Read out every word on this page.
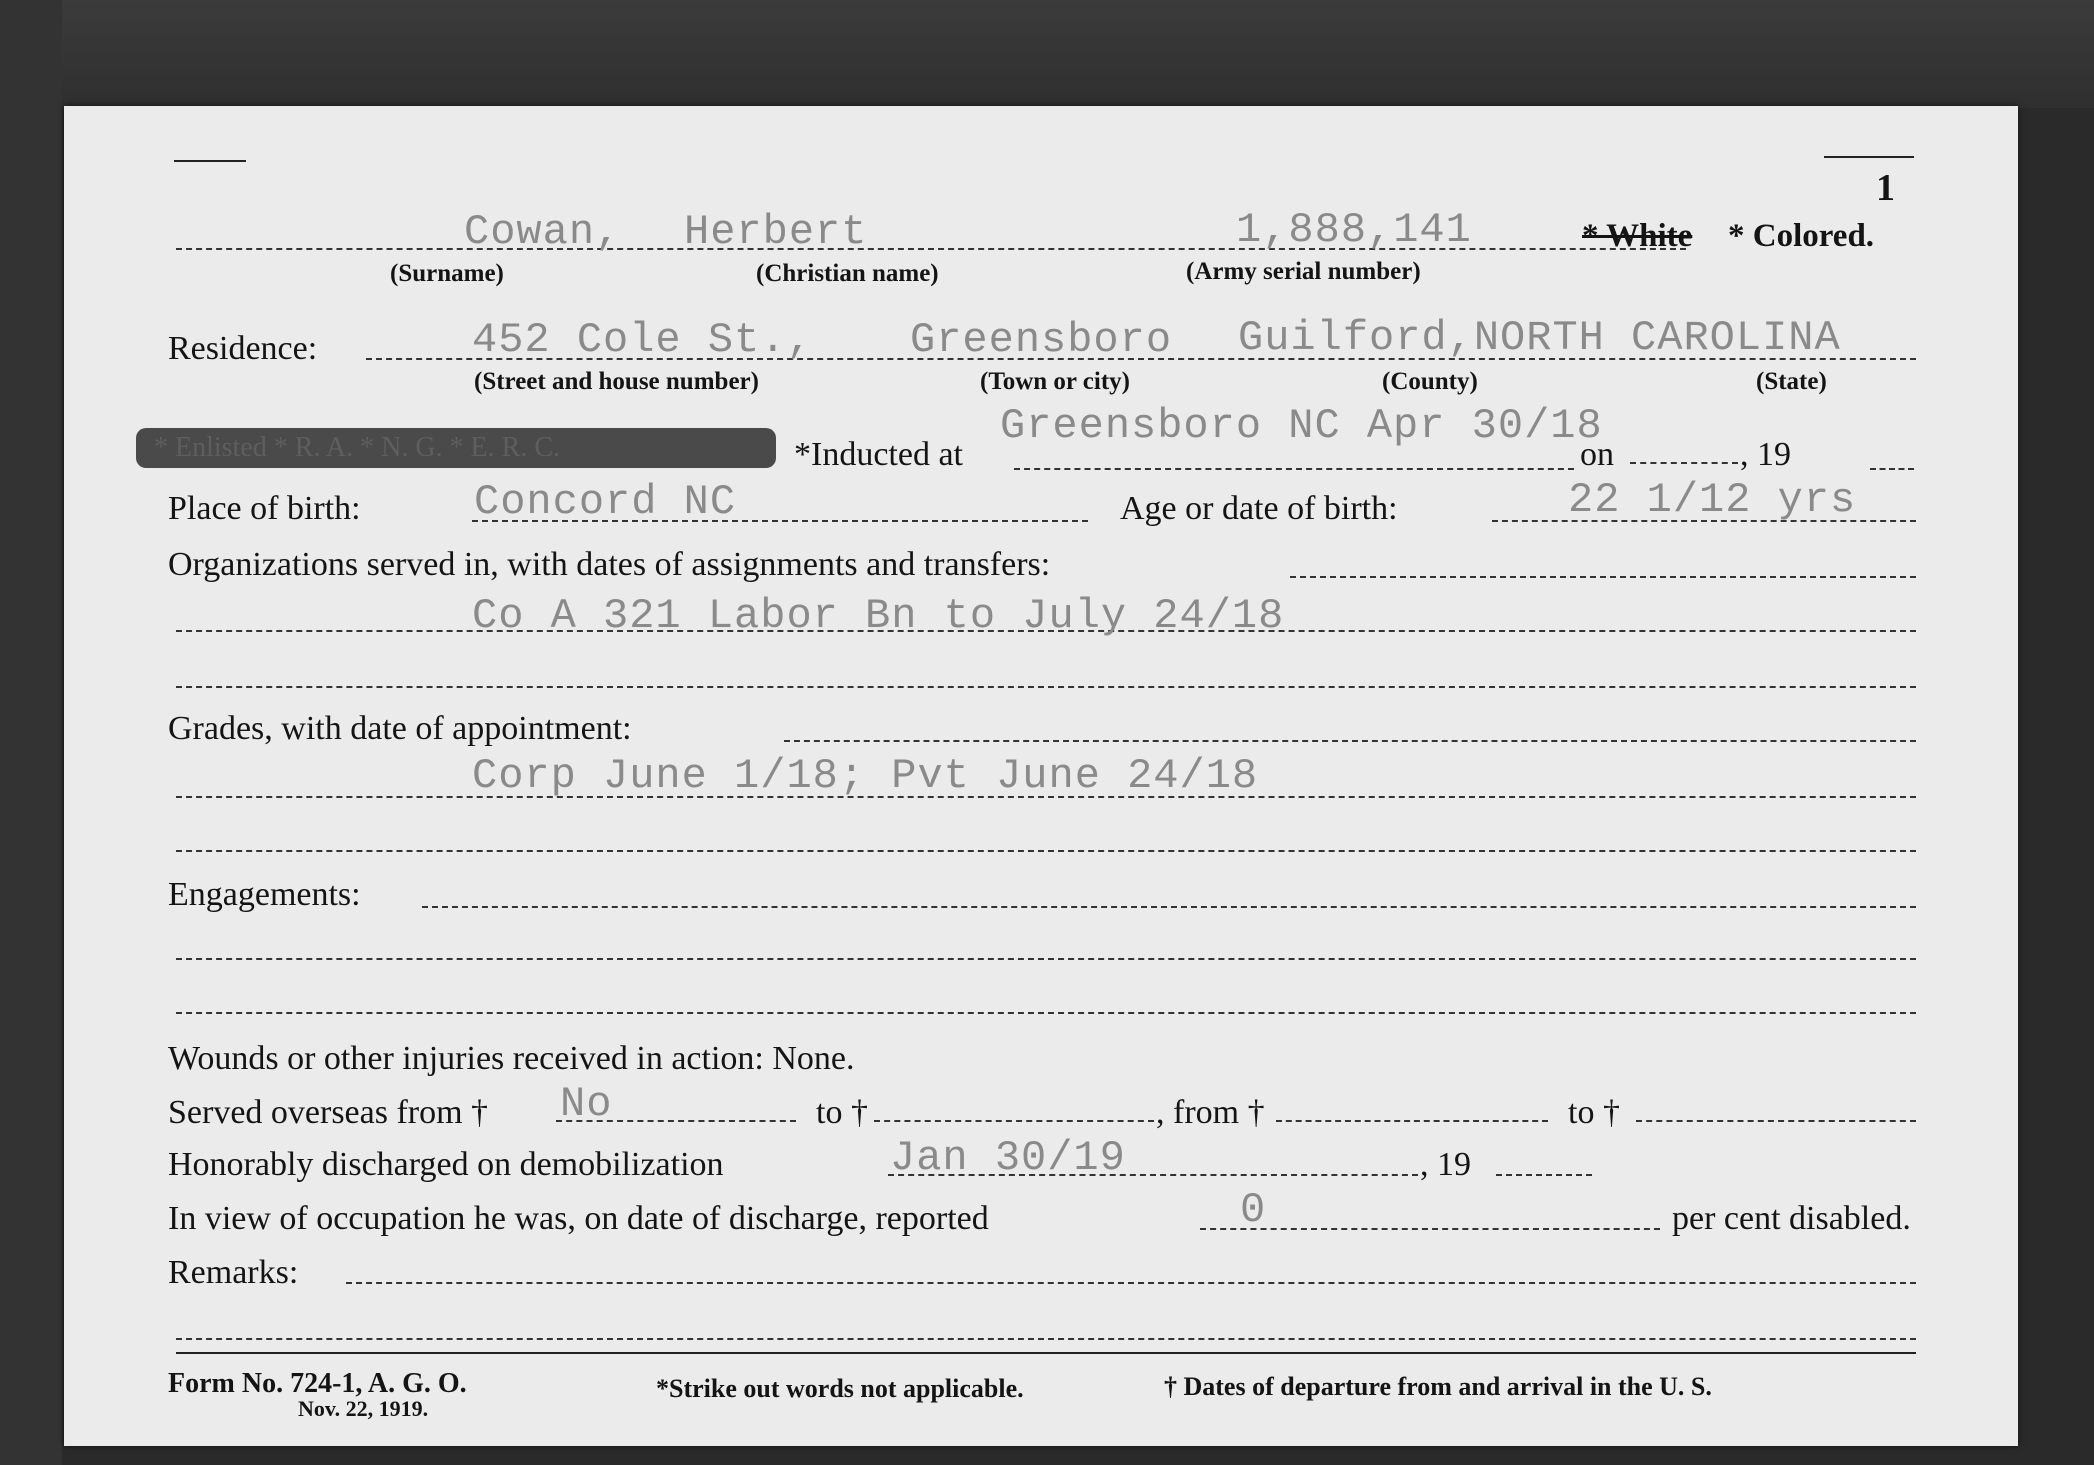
1
Cowan, Herbert	1,888,141	* White * Colored.
(Surname)	(Christian name)	(Army serial number)
Residence:	452 Cole St., Greensboro Guilford,NORTH CAROLINA
(Street and house number)	(Town or city)	(County)	(State)
* Enlisted * R. A. * N. G. * E. R. C.	*Inducted at
Greensboro NC Apr 30/18
on	, 19
Place of birth:	Concord NC	Age or date of birth:	22 1/12 yrs
Organizations served in, with dates of assignments and transfers:
Co A 321 Labor Bn to July 24/18
Grades, with date of appointment:
Corp June 1/18; Pvt June 24/18
Engagements:
Wounds or other injuries received in action: None.
Served overseas from † No	to †	, from †	to †
Honorably discharged on demobilization	Jan 30/19	, 19
In view of occupation he was, on date of discharge, reported	0	per cent disabled.
Remarks:
Form No. 724-1, A. G. O.
Nov. 22, 1919.
*Strike out words not applicable.	† Dates of departure from and arrival in the U. S.
